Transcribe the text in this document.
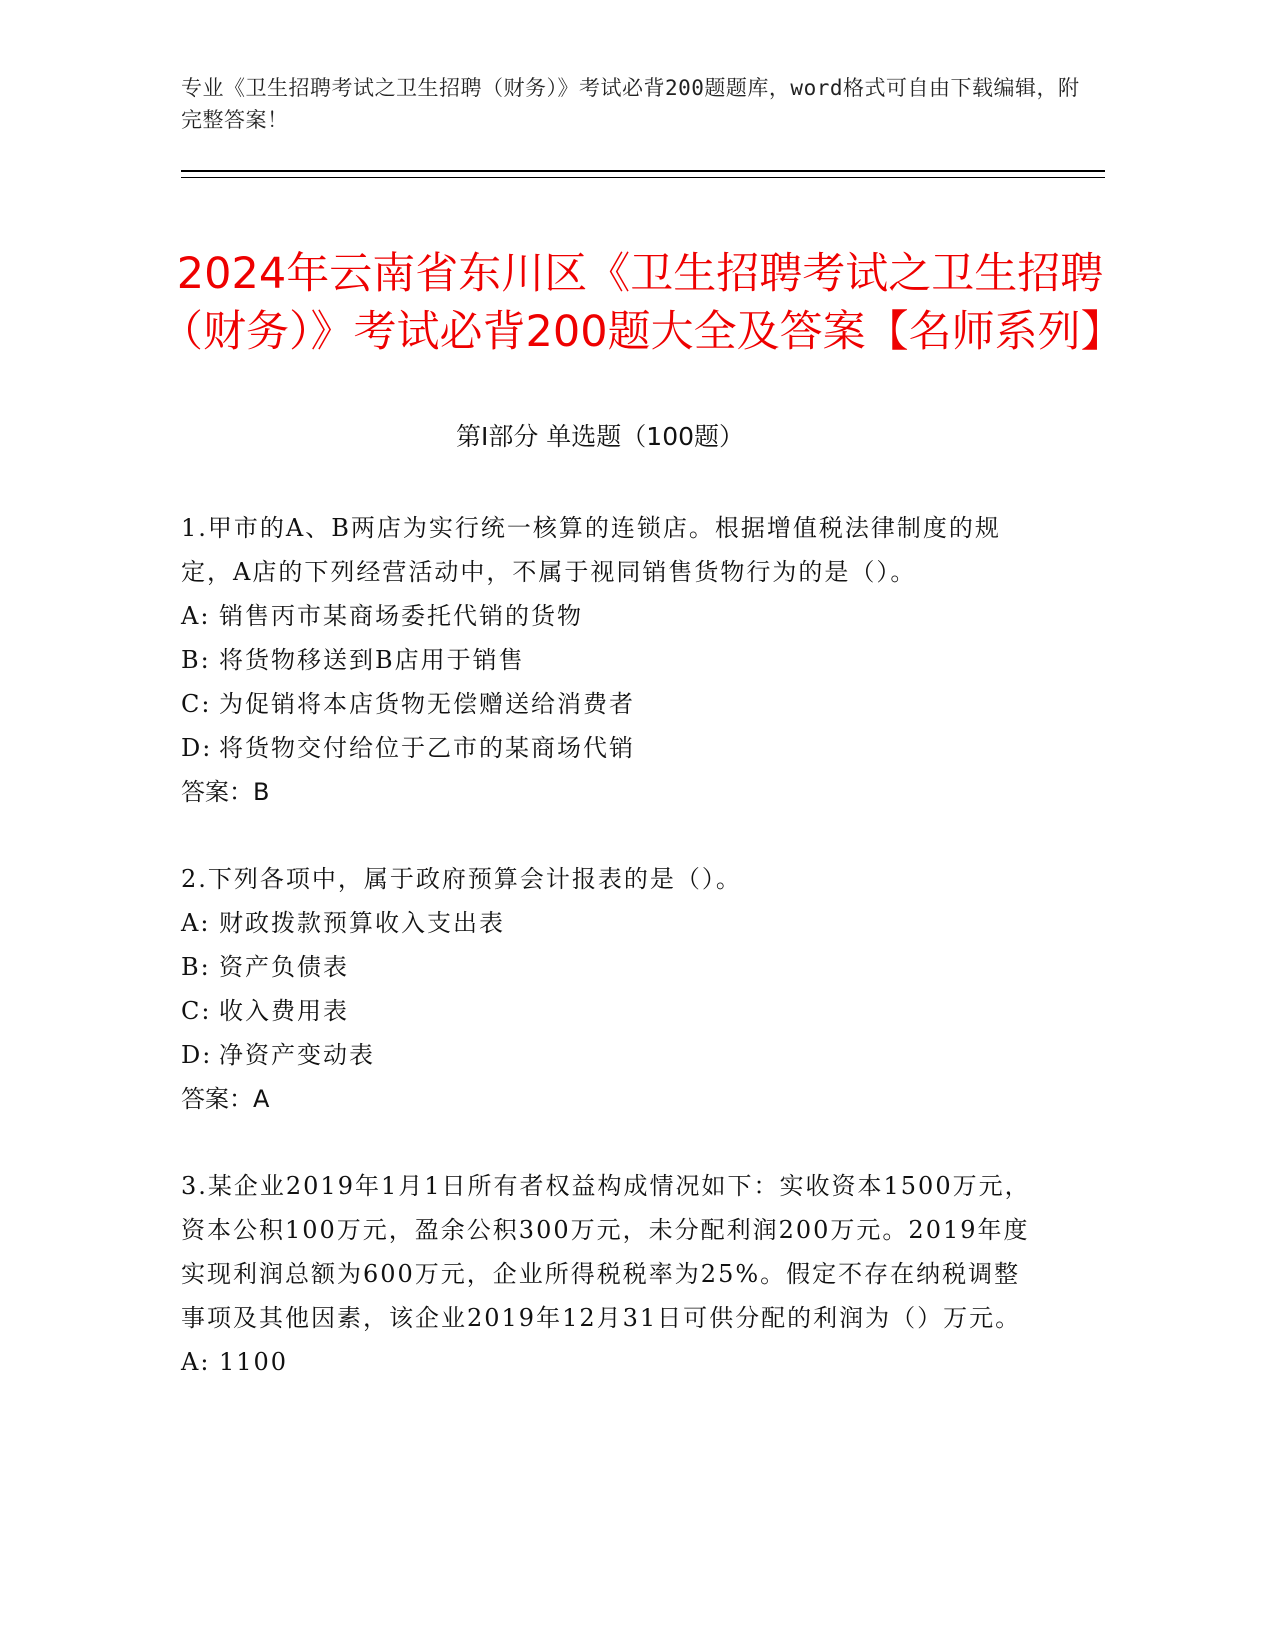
专业《卫生招聘考试之卫生招聘（财务）》考试必背200题题库，word格式可自由下载编辑，附完整答案！
2024年云南省东川区《卫生招聘考试之卫生招聘（财务）》考试必背200题大全及答案【名师系列】
第Ⅰ部分 单选题（100题）

1.甲市的A、B两店为实行统一核算的连锁店。根据增值税法律制度的规定，A店的下列经营活动中，不属于视同销售货物行为的是（）。

A: 销售丙市某商场委托代销的货物

B: 将货物移送到B店用于销售

C: 为促销将本店货物无偿赠送给消费者

D: 将货物交付给位于乙市的某商场代销

答案：B

2.下列各项中，属于政府预算会计报表的是（）。

A: 财政拨款预算收入支出表

B: 资产负债表

C: 收入费用表

D: 净资产变动表

答案：A

3.某企业2019年1月1日所有者权益构成情况如下：实收资本1500万元，资本公积100万元，盈余公积300万元，未分配利润200万元。2019年度实现利润总额为600万元，企业所得税税率为25%。假定不存在纳税调整事项及其他因素，该企业2019年12月31日可供分配的利润为（）万元。

A: 1100
